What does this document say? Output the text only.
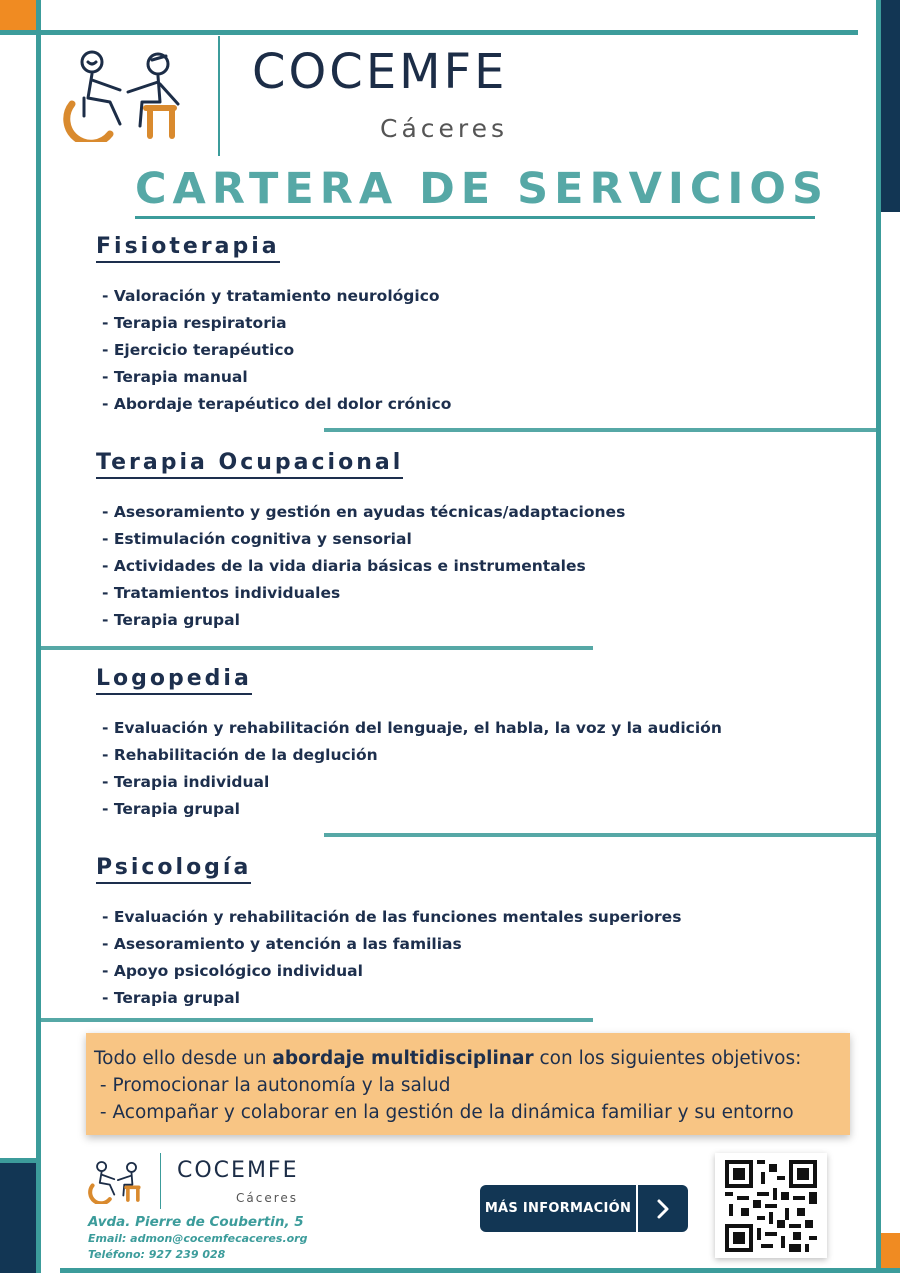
COCEMFE
Cáceres
CARTERA DE SERVICIOS
Fisioterapia
- Valoración y tratamiento neurológico
- Terapia respiratoria
- Ejercicio terapéutico
- Terapia manual
- Abordaje terapéutico del dolor crónico
Terapia Ocupacional
- Asesoramiento y gestión en ayudas técnicas/adaptaciones
- Estimulación cognitiva y sensorial
- Actividades de la vida diaria básicas e instrumentales
- Tratamientos individuales
- Terapia grupal
Logopedia
- Evaluación y rehabilitación del lenguaje, el habla, la voz y la audición
- Rehabilitación de la deglución
- Terapia individual
- Terapia grupal
Psicología
- Evaluación y rehabilitación de las funciones mentales superiores
- Asesoramiento y atención a las familias
- Apoyo psicológico individual
- Terapia grupal
Todo ello desde un abordaje multidisciplinar con los siguientes objetivos:
- Promocionar la autonomía y la salud
- Acompañar y colaborar en la gestión de la dinámica familiar y su entorno
COCEMFE
Cáceres
Avda. Pierre de Coubertin, 5
Email: admon@cocemfecaceres.org
Teléfono: 927 239 028
MÁS INFORMACIÓN
